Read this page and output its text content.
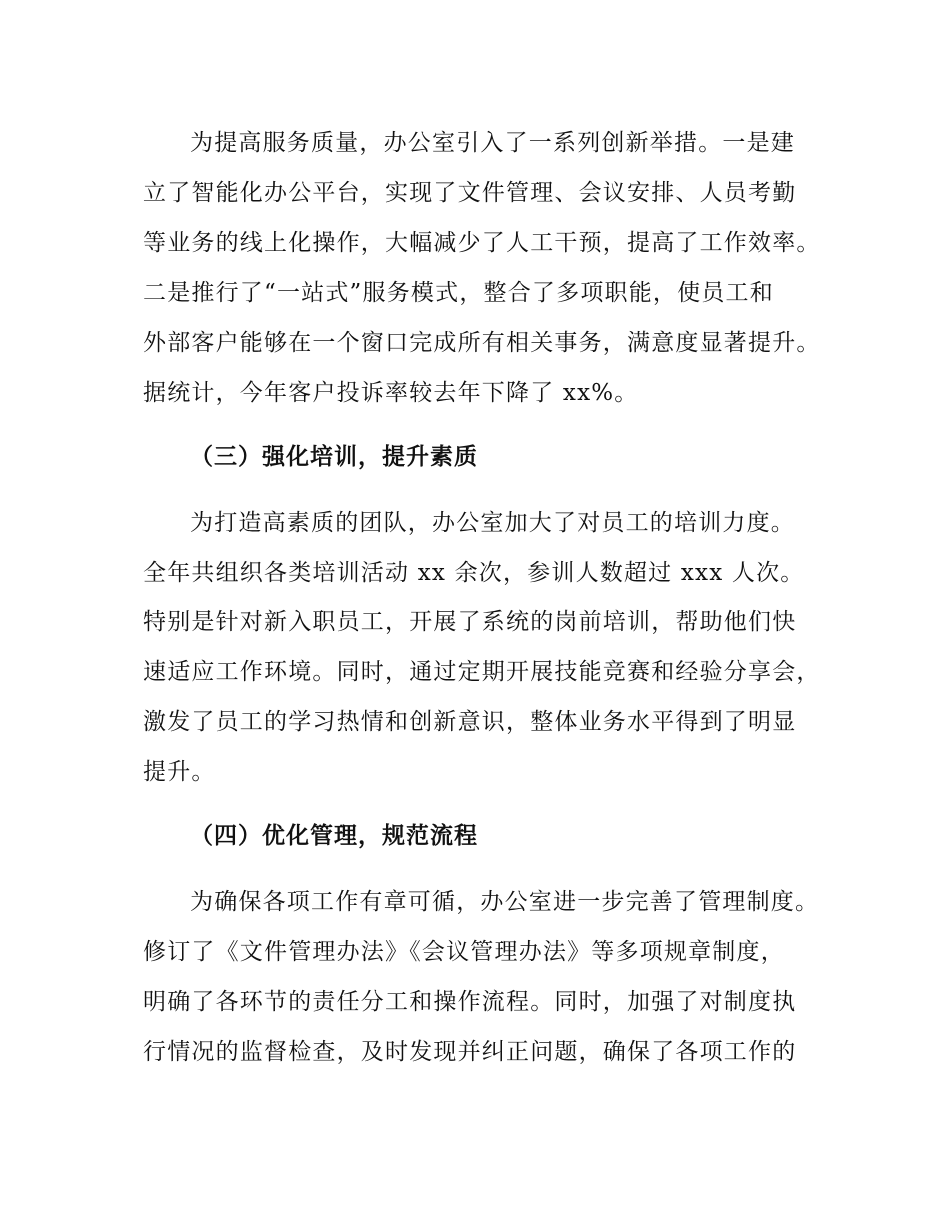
为提高服务质量，办公室引入了一系列创新举措。一是建
立了智能化办公平台，实现了文件管理、会议安排、人员考勤
等业务的线上化操作，大幅减少了人工干预，提高了工作效率。
二是推行了“一站式”服务模式，整合了多项职能，使员工和
外部客户能够在一个窗口完成所有相关事务，满意度显著提升。
据统计，今年客户投诉率较去年下降了 xx%。
（三）强化培训，提升素质
为打造高素质的团队，办公室加大了对员工的培训力度。
全年共组织各类培训活动 xx 余次，参训人数超过 xxx 人次。
特别是针对新入职员工，开展了系统的岗前培训，帮助他们快
速适应工作环境。同时，通过定期开展技能竞赛和经验分享会，
激发了员工的学习热情和创新意识，整体业务水平得到了明显
提升。
（四）优化管理，规范流程
为确保各项工作有章可循，办公室进一步完善了管理制度。
修订了《文件管理办法》《会议管理办法》等多项规章制度，
明确了各环节的责任分工和操作流程。同时，加强了对制度执
行情况的监督检查，及时发现并纠正问题，确保了各项工作的
